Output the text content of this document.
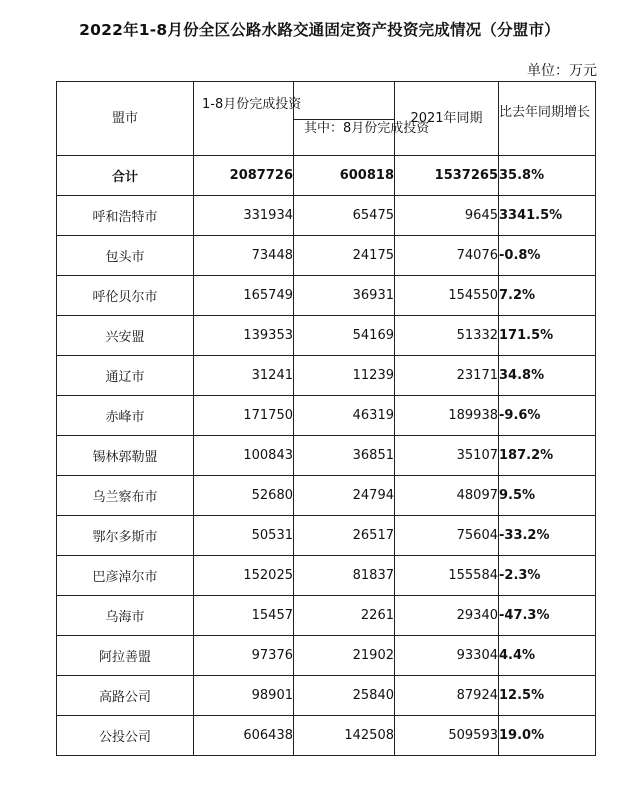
2022年1-8月份全区公路水路交通固定资产投资完成情况（分盟市）
单位：万元
盟市	1-8月份完成投资		2021年同期	比去年同期增长
		其中：8月份完成投资		
合计	2087726	600818	1537265	35.8%
呼和浩特市	331934	65475	9645	3341.5%
包头市	73448	24175	74076	-0.8%
呼伦贝尔市	165749	36931	154550	7.2%
兴安盟	139353	54169	51332	171.5%
通辽市	31241	11239	23171	34.8%
赤峰市	171750	46319	189938	-9.6%
锡林郭勒盟	100843	36851	35107	187.2%
乌兰察布市	52680	24794	48097	9.5%
鄂尔多斯市	50531	26517	75604	-33.2%
巴彦淖尔市	152025	81837	155584	-2.3%
乌海市	15457	2261	29340	-47.3%
阿拉善盟	97376	21902	93304	4.4%
高路公司	98901	25840	87924	12.5%
公投公司	606438	142508	509593	19.0%
